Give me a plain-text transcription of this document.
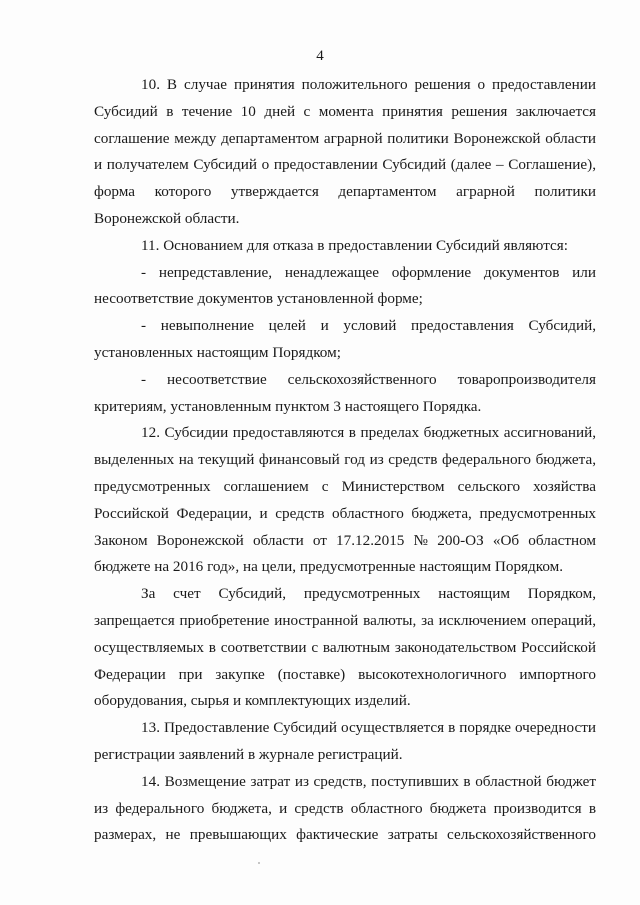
4
10. В случае принятия положительного решения о предоставлении
Субсидий в течение 10 дней с момента принятия решения заключается
соглашение между департаментом аграрной политики Воронежской области
и получателем Субсидий о предоставлении Субсидий (далее – Соглашение),
форма которого утверждается департаментом аграрной политики
Воронежской области.
11. Основанием для отказа в предоставлении Субсидий являются:
- непредставление, ненадлежащее оформление документов или
несоответствие документов установленной форме;
- невыполнение целей и условий предоставления Субсидий,
установленных настоящим Порядком;
- несоответствие сельскохозяйственного товаропроизводителя
критериям, установленным пунктом 3 настоящего Порядка.
12. Субсидии предоставляются в пределах бюджетных ассигнований,
выделенных на текущий финансовый год из средств федерального бюджета,
предусмотренных соглашением с Министерством сельского хозяйства
Российской Федерации, и средств областного бюджета, предусмотренных
Законом Воронежской области от 17.12.2015 № 200-ОЗ «Об областном
бюджете на 2016 год», на цели, предусмотренные настоящим Порядком.
За счет Субсидий, предусмотренных настоящим Порядком,
запрещается приобретение иностранной валюты, за исключением операций,
осуществляемых в соответствии с валютным законодательством Российской
Федерации при закупке (поставке) высокотехнологичного импортного
оборудования, сырья и комплектующих изделий.
13. Предоставление Субсидий осуществляется в порядке очередности
регистрации заявлений в журнале регистраций.
14. Возмещение затрат из средств, поступивших в областной бюджет
из федерального бюджета, и средств областного бюджета производится в
размерах, не превышающих фактические затраты сельскохозяйственного
